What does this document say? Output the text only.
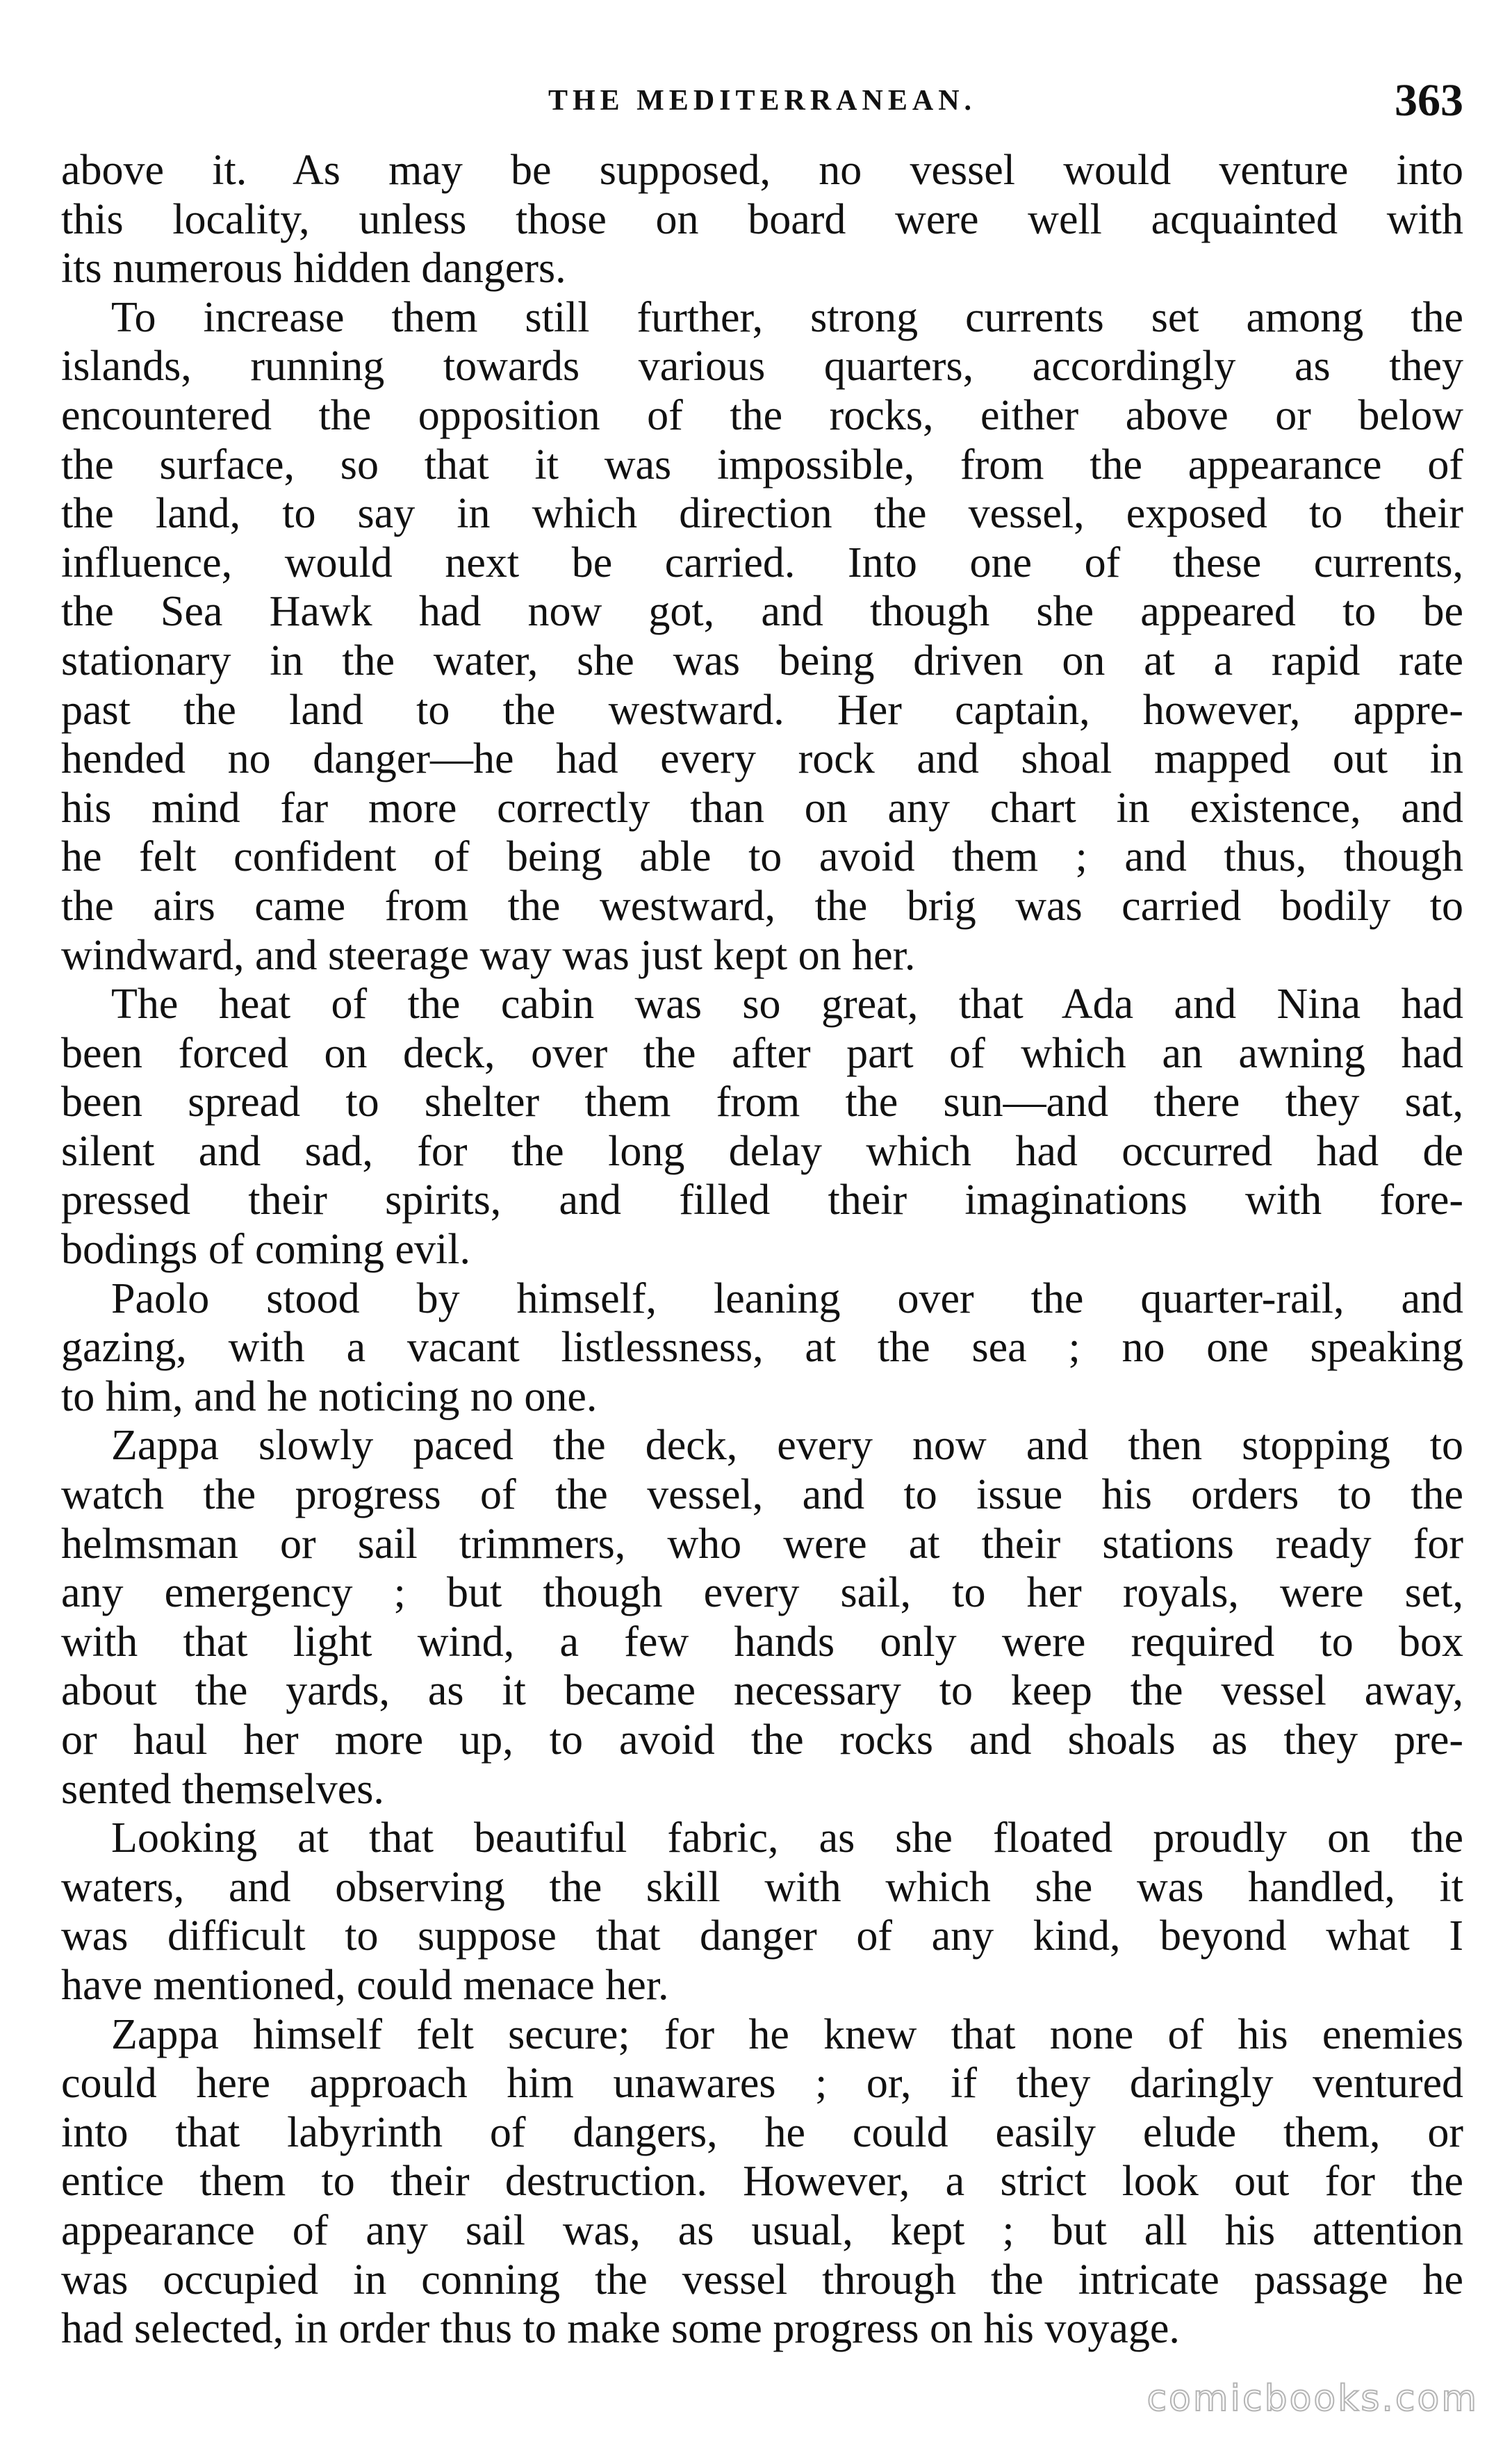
THE MEDITERRANEAN.	363
above it. As may be supposed, no vessel would venture into
this locality, unless those on board were well acquainted with
its numerous hidden dangers.
To increase them still further, strong currents set among the
islands, running towards various quarters, accordingly as they
encountered the opposition of the rocks, either above or below
the surface, so that it was impossible, from the appearance of
the land, to say in which direction the vessel, exposed to their
influence, would next be carried. Into one of these currents,
the Sea Hawk had now got, and though she appeared to be
stationary in the water, she was being driven on at a rapid rate
past the land to the westward. Her captain, however, appre-
hended no danger—he had every rock and shoal mapped out in
his mind far more correctly than on any chart in existence, and
he felt confident of being able to avoid them ; and thus, though
the airs came from the westward, the brig was carried bodily to
windward, and steerage way was just kept on her.
The heat of the cabin was so great, that Ada and Nina had
been forced on deck, over the after part of which an awning had
been spread to shelter them from the sun—and there they sat,
silent and sad, for the long delay which had occurred had de
pressed their spirits, and filled their imaginations with fore-
bodings of coming evil.
Paolo stood by himself, leaning over the quarter-rail, and
gazing, with a vacant listlessness, at the sea ; no one speaking
to him, and he noticing no one.
Zappa slowly paced the deck, every now and then stopping to
watch the progress of the vessel, and to issue his orders to the
helmsman or sail trimmers, who were at their stations ready for
any emergency ; but though every sail, to her royals, were set,
with that light wind, a few hands only were required to box
about the yards, as it became necessary to keep the vessel away,
or haul her more up, to avoid the rocks and shoals as they pre-
sented themselves.
Looking at that beautiful fabric, as she floated proudly on the
waters, and observing the skill with which she was handled, it
was difficult to suppose that danger of any kind, beyond what I
have mentioned, could menace her.
Zappa himself felt secure; for he knew that none of his enemies
could here approach him unawares ; or, if they daringly ventured
into that labyrinth of dangers, he could easily elude them, or
entice them to their destruction. However, a strict look out for the
appearance of any sail was, as usual, kept ; but all his attention
was occupied in conning the vessel through the intricate passage he
had selected, in order thus to make some progress on his voyage.
comicbooks.com
